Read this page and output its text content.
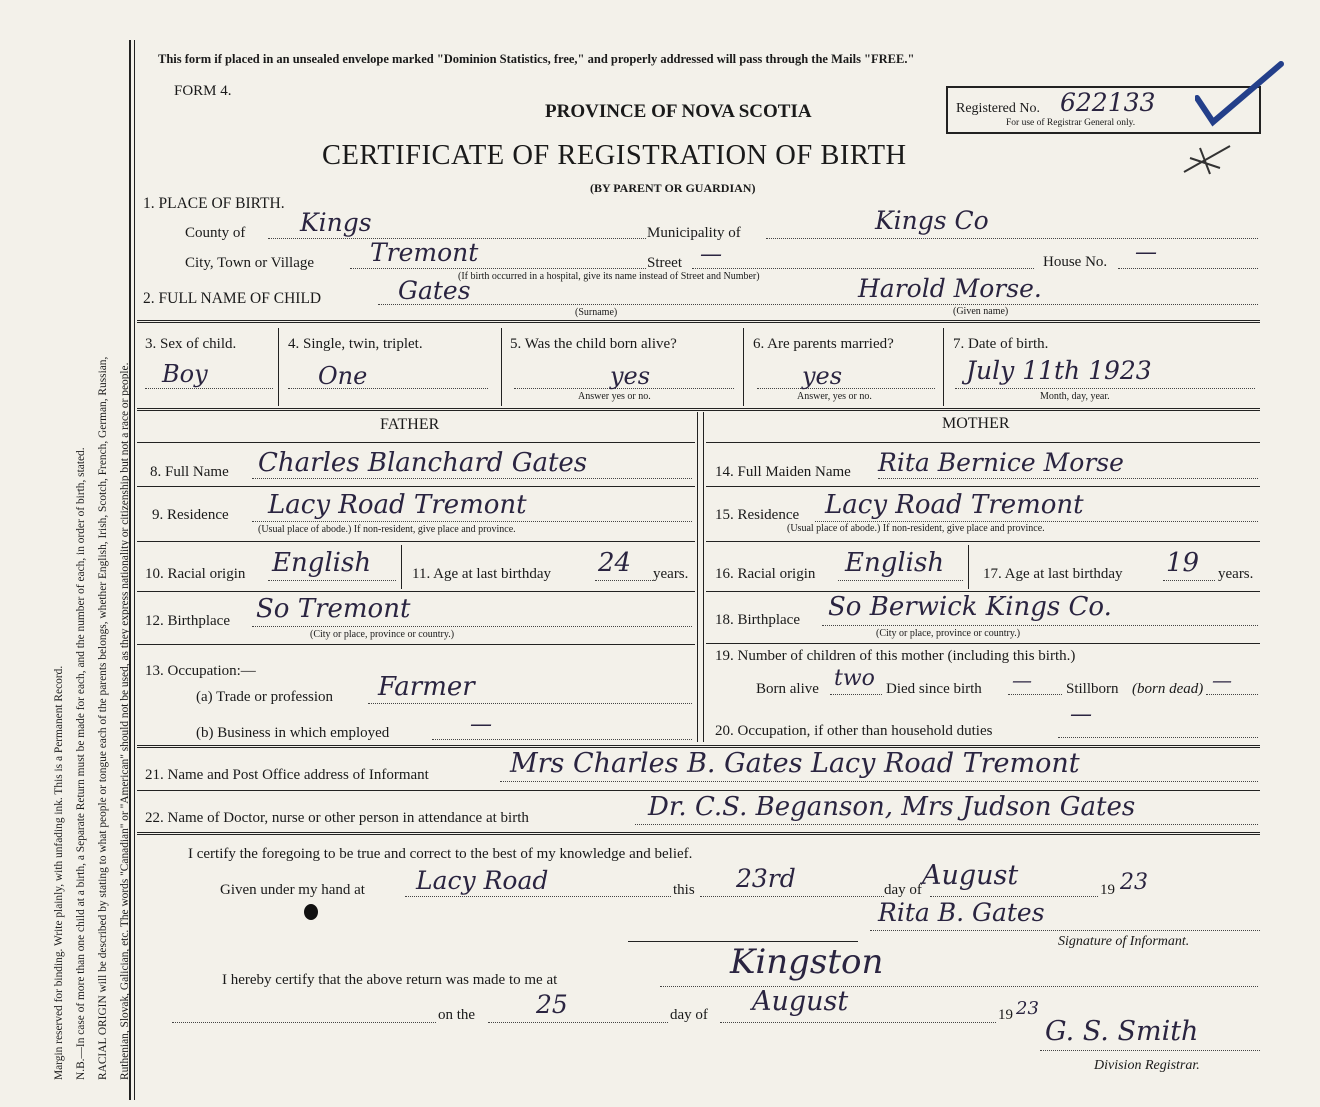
Margin reserved for binding. Write plainly, with unfading ink. This is a Permanent Record. N.B.—In case of more than one child at a birth, a Separate Return must be made for each, and the number of each, in order of birth, stated. RACIAL ORIGIN will be described by stating to what people or tongue each of the parents belongs, whether English, Irish, Scotch, French, German, Russian, Ruthenian, Slovak, Galician, etc. The words "Canadian" or "American" should not be used, as they express nationality or citizenship but not a race or people.
This form if placed in an unsealed envelope marked "Dominion Statistics, free," and properly addressed will pass through the Mails "FREE."
FORM 4.
PROVINCE OF NOVA SCOTIA
CERTIFICATE OF REGISTRATION OF BIRTH
(BY PARENT OR GUARDIAN)
Registered No. 622133
For use of Registrar General only.
1. PLACE OF BIRTH.
County of Kings	Municipality of	Kings Co
City, Town or Village Tremont	Street —	House No. —
(If birth occurred in a hospital, give its name instead of Street and Number)
2. FULL NAME OF CHILD	Gates	Harold Morse.
(Surname)	(Given name)
3. Sex of child.
Boy
4. Single, twin, triplet.
One
5. Was the child born alive?
yes
Answer yes or no.
6. Are parents married?
yes
Answer, yes or no.
7. Date of birth.
July 11th 1923
Month, day, year.
FATHER	MOTHER
8. Full Name Charles Blanchard Gates
9. Residence Lacy Road Tremont
(Usual place of abode.) If non-resident, give place and province.
10. Racial origin English	11. Age at last birthday 24 years.
12. Birthplace So Tremont
(City or place, province or country.)
13. Occupation:—
(a) Trade or profession Farmer
(b) Business in which employed	—
14. Full Maiden Name Rita Bernice Morse
15. Residence Lacy Road Tremont
(Usual place of abode.) If non-resident, give place and province.
16. Racial origin English	17. Age at last birthday 19 years.
18. Birthplace So Berwick Kings Co.
(City or place, province or country.)
19. Number of children of this mother (including this birth.)
Born alive two Died since birth — Stillborn (born dead) —
20. Occupation, if other than household duties
—
21. Name and Post Office address of Informant	Mrs Charles B. Gates Lacy Road Tremont
22. Name of Doctor, nurse or other person in attendance at birth	Dr. C.S. Beganson, Mrs Judson Gates
I certify the foregoing to be true and correct to the best of my knowledge and belief.
Given under my hand at Lacy Road	this 23rd	day of August	19 23
Rita B. Gates
Signature of Informant.
I hereby certify that the above return was made to me at	Kingston
on the 25	day of August	19 23
G. S. Smith
Division Registrar.
